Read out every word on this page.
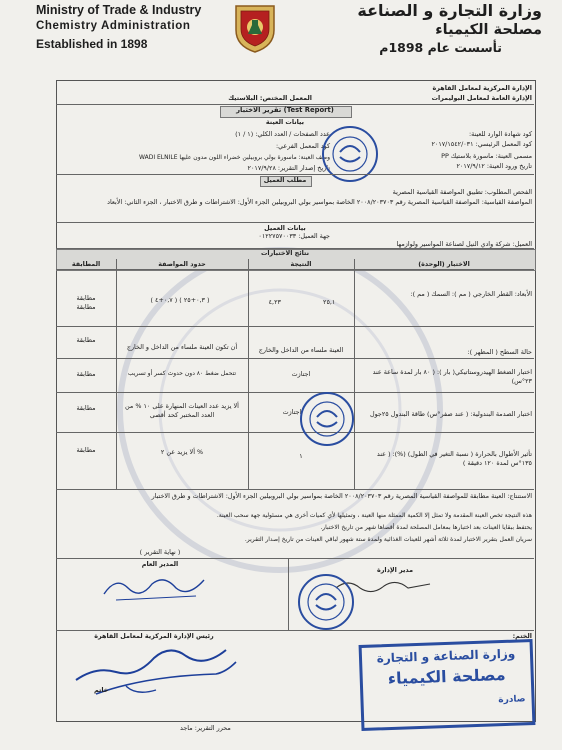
Ministry of Trade & Industry
Chemistry Administration
Established in 1898
وزارة التجارة و الصناعة
مصلحة الكيمياء
تأسست عام 1898م
الإدارة المركزية لمعامل القاهرة
الإدارة العامة لمعامل البوليمرات
المعمل المختص: البلاستيك
تقرير الاختبار (Test Report)
بيانات العينة
كود شهادة الوارد للعينة:
كود المعمل الرئيسي: ٢٠١٧/١٥٤٢/٠٣١
عدد الصفحات / العدد الكلي: (١ / ١)
كود المعمل الفرعي:
مسمى العينة: ماسورة بلاستيك PP
وصف العينة: ماسورة بولي بروبيلين خضراء اللون مدون عليها WADI ELNILE
تاريخ ورود العينة: ٢٠١٧/٩/١٢
تاريخ إصدار التقرير: ٢٠١٧/٩/٢٨
مطلب العميل
الفحص المطلوب: تطبيق المواصفة القياسية المصرية
المواصفة القياسية: المواصفة القياسية المصرية رقم ٢٠٠٨/٢٠٣٧٠٣ الخاصة بمواسير بولي البروبيلين الجزء الأول: الاشتراطات و طرق الاختبار ، الجزء الثاني: الأبعاد
بيانات العميل
جهة العميل: ٠١٢٢٧٥٧٠٠٣٣
العميل: شركة وادي النيل لصناعة المواسير ولوازمها
نتائج الاختبارات
الاختبار (الوحدة)
النتيجة
حدود المواصفة
المطابقة
الأبعاد: القطر الخارجي ( مم ): السمك ( مم ):
٢٥,١ ٤,٢٣
( ٠,٣+٢٥ ) ( ٠,٧+٤ )
مطابقة مطابقة
حالة السطح ( المظهر ):
العينة ملساء من الداخل والخارج
أن تكون العينة ملساء من الداخل و الخارج
مطابقة
اختبار الضغط الهيدروستاتيكي( بار ): ( ٨٠ بار لمدة ساعة عند ٢٣°س)
اجتازت
تتحمل ضغط ٨٠ دون حدوث كسر أو تسريب
مطابقة
اختبار الصدمة البندولية: ( عند صفر°س) طاقة البندول ٢٥جول
اجتازت
ألا يزيد عدد العينات المنهارة على ١٠ % من العدد المختبر كحد أقصى
مطابقة
تأثير الأطوال بالحرارة ( نسبة التغير في الطول) (%): ( عند ١٣٥°س لمدة ١٢٠ دقيقة )
١
ألا يزيد عن ٢ %
مطابقة
الاستنتاج: العينة مطابقة للمواصفة القياسية المصرية رقم ٢٠٠٨/٢٠٣٧٠٣ الخاصة بمواسير بولي البروبيلين الجزء الأول: الاشتراطات و طرق الاختبار
هذه النتيجة تخص العينة المقدمة ولا تمثل إلا الكمية الممثلة منها العينة ، وتمثيلها لأي كميات أخرى هي مسئولية جهة سحب العينة.
يحتفظ ببقايا العينات بعد اختبارها بمعامل المصلحة لمدة أقصاها شهر من تاريخ الاختبار.
سريان العمل بتقرير الاختبار لمدة ثلاثة أشهر للعينات الغذائية ولمدة ستة شهور لباقي العينات من تاريخ إصدار التقرير.
( نهاية التقرير )
المدير العام
مدير الإدارة
رئيس الإدارة المركزية لمعامل القاهرة	الختم:
وزارة الصناعة و التجارة
مصلحة الكيمياء
صادرة
خاتم
محرر التقرير: ماجد
